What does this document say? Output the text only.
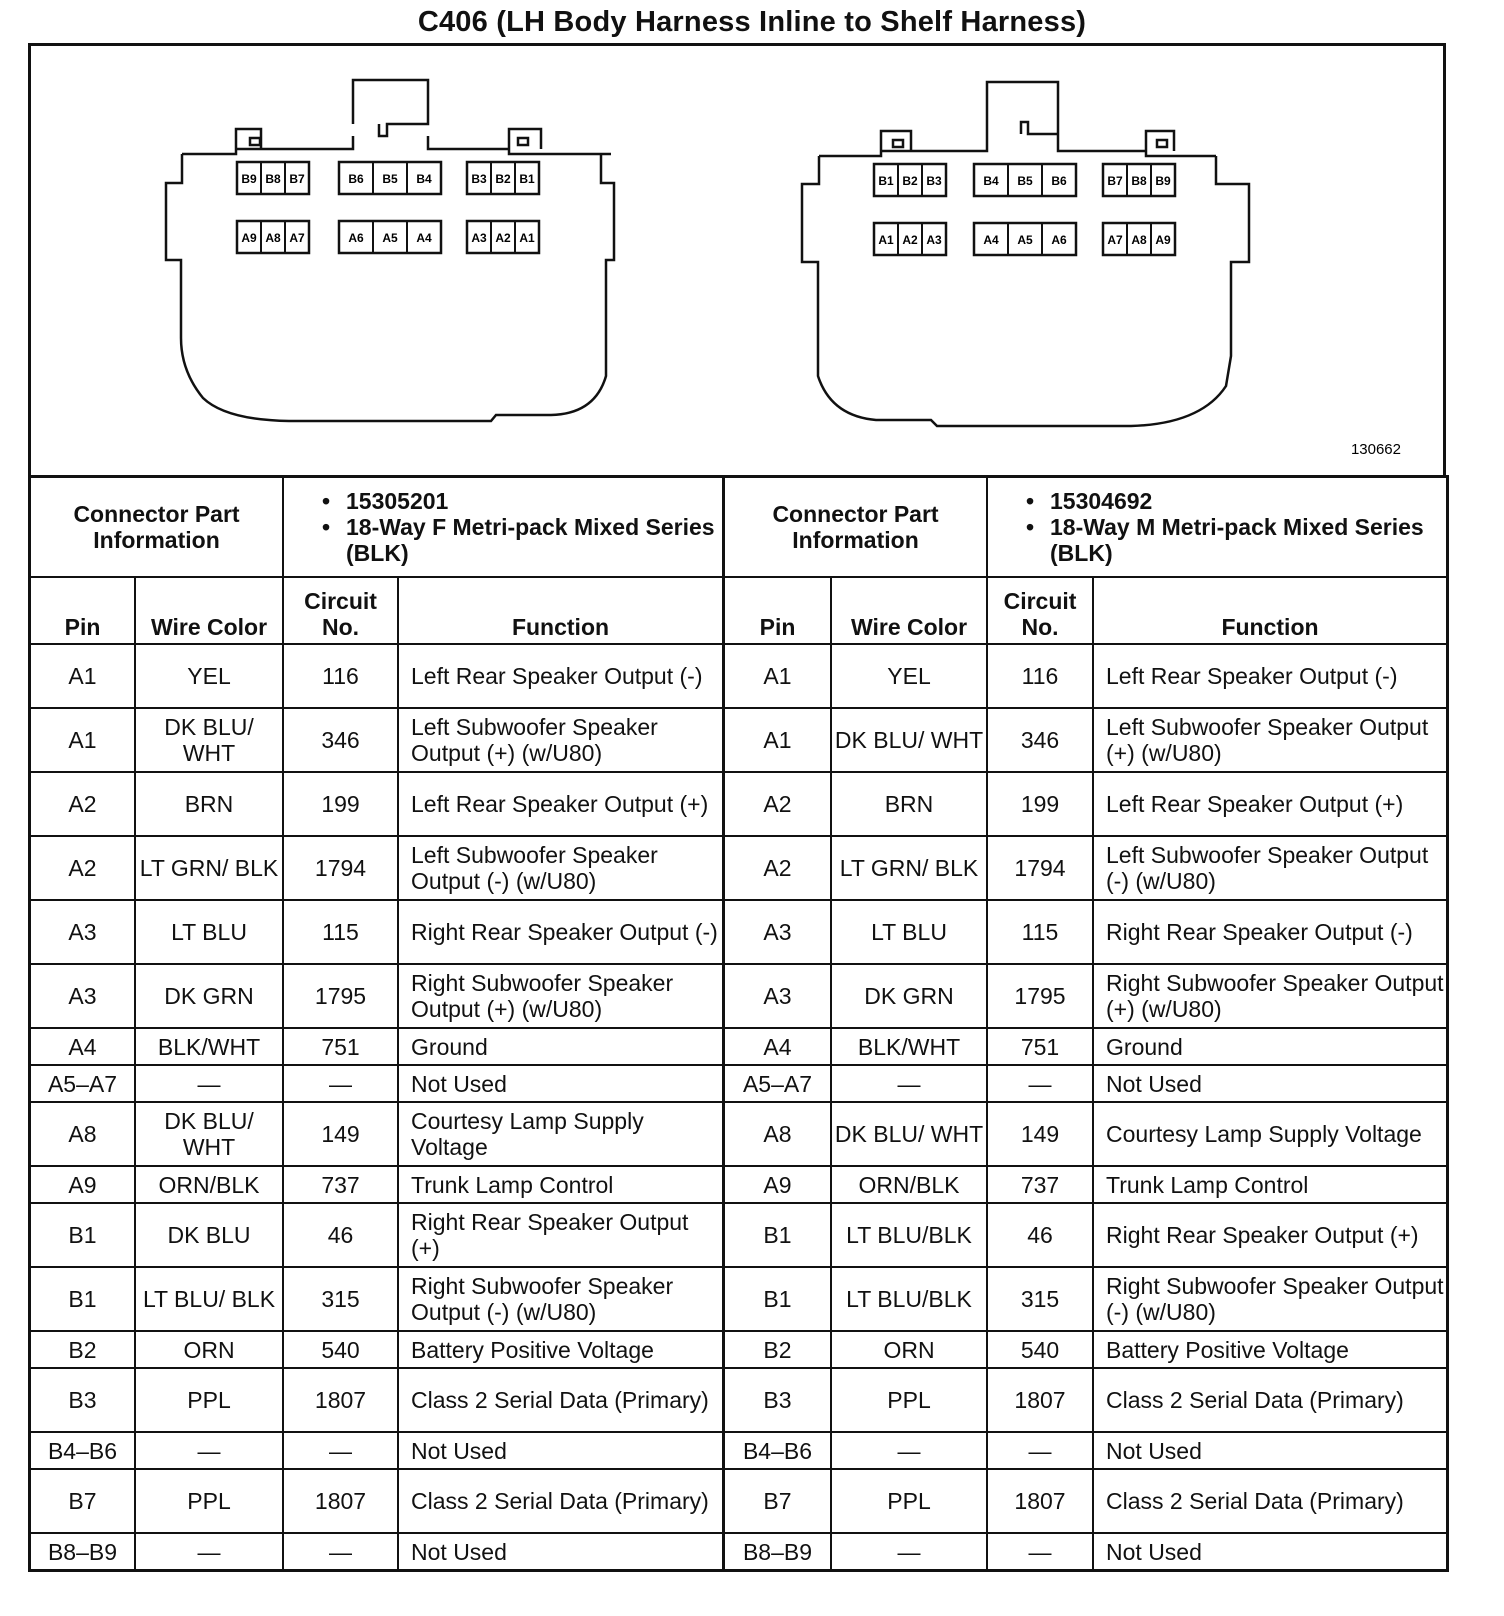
C406 (LH Body Harness Inline to Shelf Harness)
B9 B8 B7	B6 B5 B4	B3 B2 B1
A9 A8 A7	A6 A5 A4	A3 A2 A1
B1 B2 B3	B4 B5 B6	B7 B8 B9
A1 A2 A3	A4 A5 A6	A7 A8 A9
130662
Connector Part Information	
• 15305201
• 18-Way F Metri-pack Mixed Series (BLK)

Pin	Wire Color	Circuit No.	Function
A1	YEL	116	Left Rear Speaker Output (-)
A1	DK BLU/ WHT	346	Left Subwoofer Speaker Output (+) (w/U80)
A2	BRN	199	Left Rear Speaker Output (+)
A2	LT GRN/ BLK	1794	Left Subwoofer Speaker Output (-) (w/U80)
A3	LT BLU	115	Right Rear Speaker Output (-)
A3	DK GRN	1795	Right Subwoofer Speaker Output (+) (w/U80)
A4	BLK/WHT	751	Ground
A5–A7	—	—	Not Used
A8	DK BLU/ WHT	149	Courtesy Lamp Supply Voltage
A9	ORN/BLK	737	Trunk Lamp Control
B1	DK BLU	46	Right Rear Speaker Output (+)
B1	LT BLU/ BLK	315	Right Subwoofer Speaker Output (-) (w/U80)
B2	ORN	540	Battery Positive Voltage
B3	PPL	1807	Class 2 Serial Data (Primary)
B4–B6	—	—	Not Used
B7	PPL	1807	Class 2 Serial Data (Primary)
B8–B9	—	—	Not Used

Connector Part Information	
• 15304692
• 18-Way M Metri-pack Mixed Series (BLK)

Pin	Wire Color	Circuit No.	Function
A1	YEL	116	Left Rear Speaker Output (-)
A1	DK BLU/ WHT	346	Left Subwoofer Speaker Output (+) (w/U80)
A2	BRN	199	Left Rear Speaker Output (+)
A2	LT GRN/ BLK	1794	Left Subwoofer Speaker Output (-) (w/U80)
A3	LT BLU	115	Right Rear Speaker Output (-)
A3	DK GRN	1795	Right Subwoofer Speaker Output (+) (w/U80)
A4	BLK/WHT	751	Ground
A5–A7	—	—	Not Used
A8	DK BLU/ WHT	149	Courtesy Lamp Supply Voltage
A9	ORN/BLK	737	Trunk Lamp Control
B1	LT BLU/BLK	46	Right Rear Speaker Output (+)
B1	LT BLU/BLK	315	Right Subwoofer Speaker Output (-) (w/U80)
B2	ORN	540	Battery Positive Voltage
B3	PPL	1807	Class 2 Serial Data (Primary)
B4–B6	—	—	Not Used
B7	PPL	1807	Class 2 Serial Data (Primary)
B8–B9	—	—	Not Used
